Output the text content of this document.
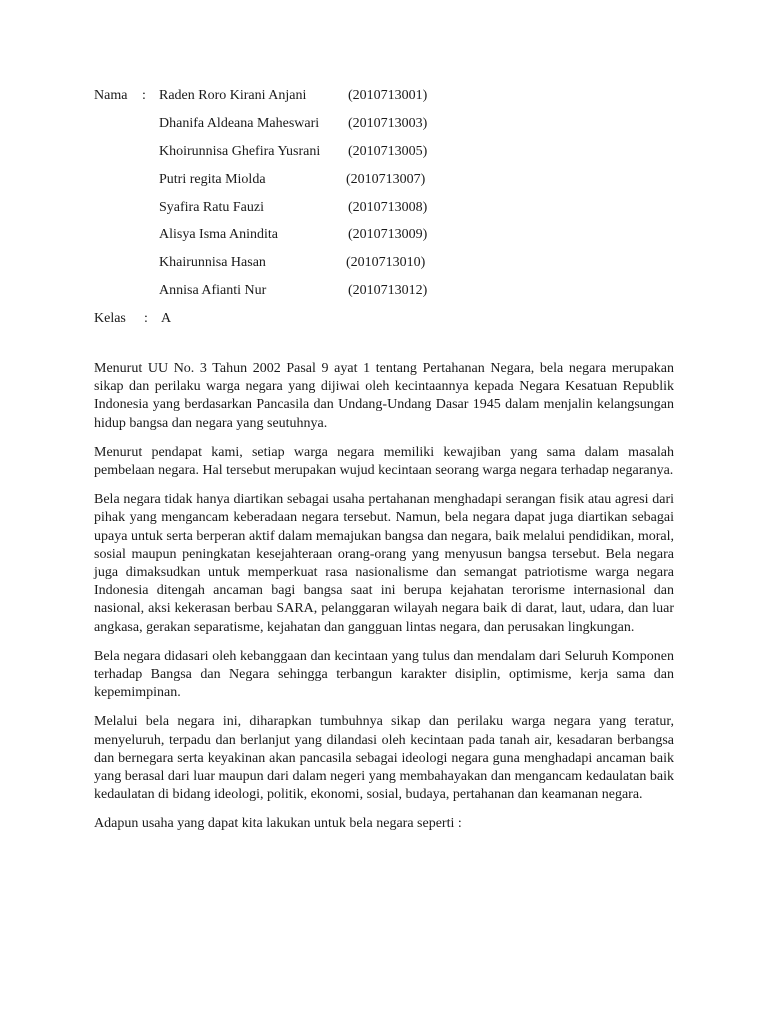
Nama : Raden Roro Kirani Anjani	(2010713001)
Dhanifa Aldeana Maheswari (2010713003)
Khoirunnisa Ghefira Yusrani (2010713005)
Putri regita Miolda	(2010713007)
Syafira Ratu Fauzi	(2010713008)
Alisya Isma Anindita	(2010713009)
Khairunnisa Hasan	(2010713010)
Annisa Afianti Nur	(2010713012)
Kelas : A

Menurut UU No. 3 Tahun 2002 Pasal 9 ayat 1 tentang Pertahanan Negara, bela negara merupakan sikap dan perilaku warga negara yang dijiwai oleh kecintaannya kepada Negara Kesatuan Republik Indonesia yang berdasarkan Pancasila dan Undang-Undang Dasar 1945 dalam menjalin kelangsungan hidup bangsa dan negara yang seutuhnya.

Menurut pendapat kami, setiap warga negara memiliki kewajiban yang sama dalam masalah pembelaan negara. Hal tersebut merupakan wujud kecintaan seorang warga negara terhadap negaranya.

Bela negara tidak hanya diartikan sebagai usaha pertahanan menghadapi serangan fisik atau agresi dari pihak yang mengancam keberadaan negara tersebut. Namun, bela negara dapat juga diartikan sebagai upaya untuk serta berperan aktif dalam memajukan bangsa dan negara, baik melalui pendidikan, moral, sosial maupun peningkatan kesejahteraan orang-orang yang menyusun bangsa tersebut. Bela negara juga dimaksudkan untuk memperkuat rasa nasionalisme dan semangat patriotisme warga negara Indonesia ditengah ancaman bagi bangsa saat ini berupa kejahatan terorisme internasional dan nasional, aksi kekerasan berbau SARA, pelanggaran wilayah negara baik di darat, laut, udara, dan luar angkasa, gerakan separatisme, kejahatan dan gangguan lintas negara, dan perusakan lingkungan.

Bela negara didasari oleh kebanggaan dan kecintaan yang tulus dan mendalam dari Seluruh Komponen terhadap Bangsa dan Negara sehingga terbangun karakter disiplin, optimisme, kerja sama dan kepemimpinan.

Melalui bela negara ini, diharapkan tumbuhnya sikap dan perilaku warga negara yang teratur, menyeluruh, terpadu dan berlanjut yang dilandasi oleh kecintaan pada tanah air, kesadaran berbangsa dan bernegara serta keyakinan akan pancasila sebagai ideologi negara guna menghadapi ancaman baik yang berasal dari luar maupun dari dalam negeri yang membahayakan dan mengancam kedaulatan baik kedaulatan di bidang ideologi, politik, ekonomi, sosial, budaya, pertahanan dan keamanan negara.

Adapun usaha yang dapat kita lakukan untuk bela negara seperti :
